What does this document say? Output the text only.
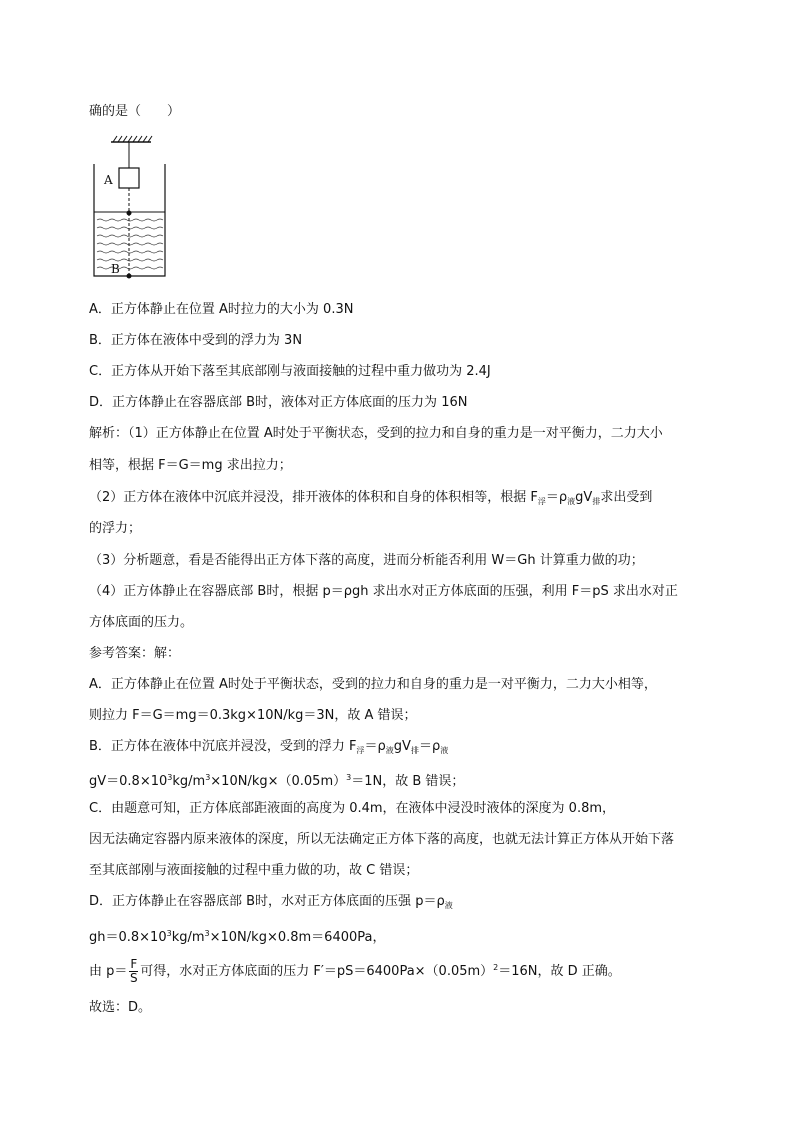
确的是（　　）
A
B
A．正方体静止在位置 A时拉力的大小为 0.3N
B．正方体在液体中受到的浮力为 3N
C．正方体从开始下落至其底部刚与液面接触的过程中重力做功为 2.4J
D．正方体静止在容器底部 B时，液体对正方体底面的压力为 16N
解析：（1）正方体静止在位置 A时处于平衡状态，受到的拉力和自身的重力是一对平衡力，二力大小
相等，根据 F＝G＝mg 求出拉力；
（2）正方体在液体中沉底并浸没，排开液体的体积和自身的体积相等，根据 $F_浮=\rho_液gV_排$求出受到
的浮力；
（3）分析题意，看是否能得出正方体下落的高度，进而分析能否利用 W＝Gh 计算重力做的功；
（4）正方体静止在容器底部 B时，根据 p＝ρgh 求出水对正方体底面的压强，利用 F＝pS 求出水对正
方体底面的压力。
参考答案：解：
A．正方体静止在位置 A时处于平衡状态，受到的拉力和自身的重力是一对平衡力，二力大小相等，
则拉力 F＝G＝mg＝0.3kg×10N/kg＝3N，故 A 错误；
B．正方体在液体中沉底并浸没，受到的浮力 $F_浮=\rho_液gV_排=\rho_液$
$gV=0.8\times 10^3kg/m^3\times 10N/kg\times(0.05m)^3=1N$，故 B 错误；
C．由题意可知，正方体底部距液面的高度为 0.4m，在液体中浸没时液体的深度为 0.8m，
因无法确定容器内原来液体的深度，所以无法确定正方体下落的高度，也就无法计算正方体从开始下落
至其底部刚与液面接触的过程中重力做的功，故 C 错误；
D．正方体静止在容器底部 B时，水对正方体底面的压强 $p=\rho_液$
$gh=0.8\times 10^3kg/m^3\times 10N/kg\times 0.8m=6400Pa$，
由 $p= \frac{F}{S}$ 可得，水对正方体底面的压力 $F'=pS=6400Pa\times(0.05m)^2=16N$，故 D 正确。
故选：D。
